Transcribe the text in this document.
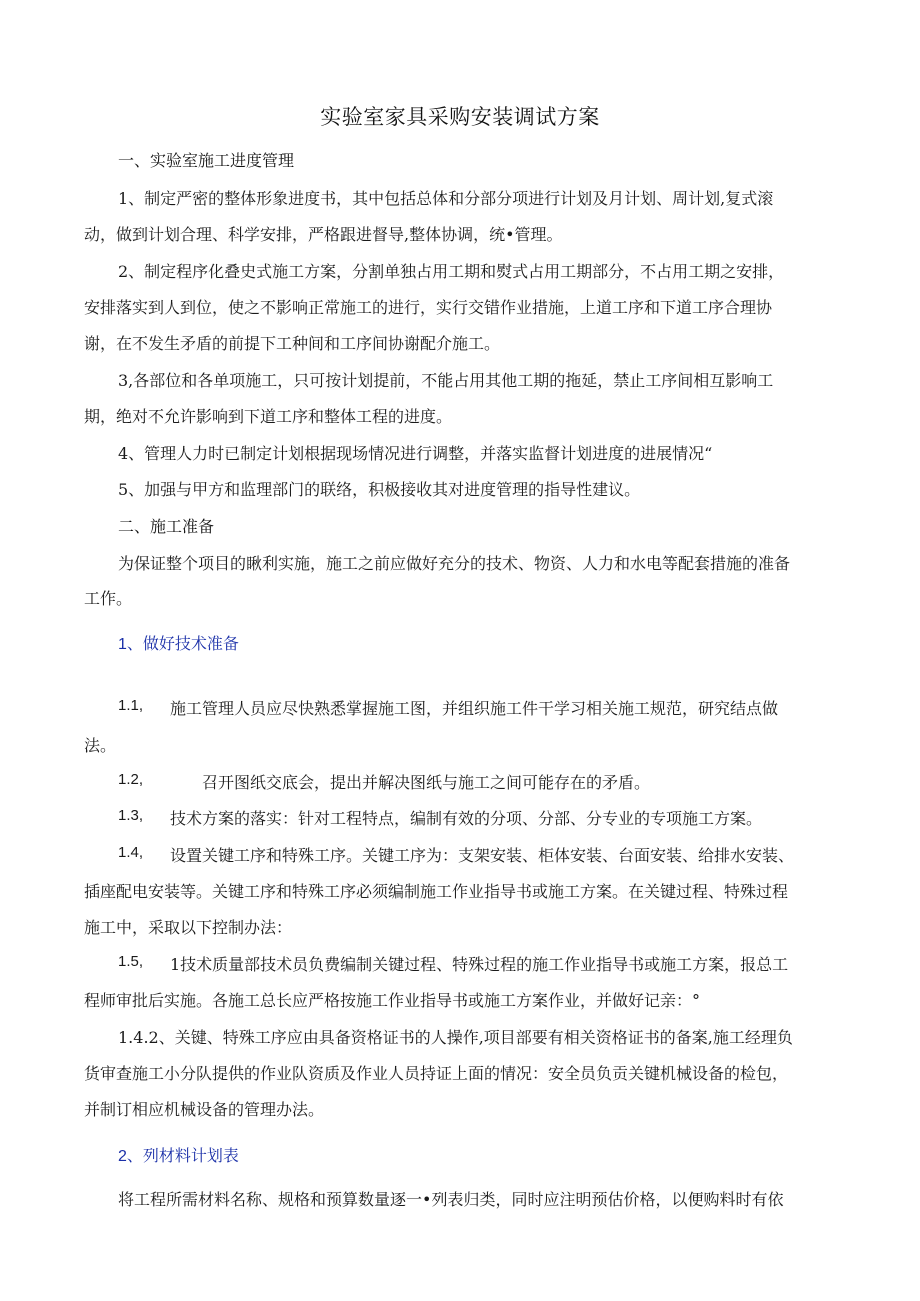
实验室家具采购安装调试方案
一、实验室施工进度管理
1、制定严密的整体形象进度书，其中包括总体和分部分项进行计划及月计划、周计划,复式滚
动，做到计划合理、科学安排，严格跟进督导,整体协调，统•管理。
2、制定程序化叠史式施工方案，分割单独占用工期和熨式占用工期部分，不占用工期之安排，
安排落实到人到位，使之不影响正常施工的进行，实行交错作业措施，上道工序和下道工序合理协
谢，在不发生矛盾的前提下工种间和工序间协谢配介施工。
3,各部位和各单项施工，只可按计划提前，不能占用其他工期的拖延，禁止工序间相互影响工
期，绝对不允许影响到下道工序和整体工程的进度。
4、管理人力时已制定计划根据现场情况进行调整，并落实监督计划进度的进展情况“
5、加强与甲方和监理部门的联络，积极接收其对进度管理的指导性建议。
二、施工准备
为保证整个项目的瞅利实施，施工之前应做好充分的技术、物资、人力和水电等配套措施的准备
工作。
1、做好技术准备
1.1, 施工管理人员应尽快熟悉掌握施工图，并组织施工件干学习相关施工规范，研究结点做
法。
1.2,	召开图纸交底会，提出并解决图纸与施工之间可能存在的矛盾。
1.3, 技术方案的落实：针对工程特点，编制有效的分项、分部、分专业的专项施工方案。
1.4, 设置关键工序和特殊工序。关键工序为：支架安装、柜体安装、台面安装、给排水安装、
插座配电安装等。关键工序和特殊工序必须编制施工作业指导书或施工方案。在关键过程、特殊过程
施工中，采取以下控制办法：
1.5, 1技术质量部技术员负费编制关键过程、特殊过程的施工作业指导书或施工方案，报总工
程师审批后实施。各施工总长应严格按施工作业指导书或施工方案作业，并做好记亲：°
1.4.2、关键、特殊工序应由具备资格证书的人操作,项目部要有相关资格证书的备案,施工经理负
货审查施工小分队提供的作业队资质及作业人员持证上面的情况：安全员负贡关键机械设备的检包，
并制订相应机械设备的管理办法。
2、列材料计划表
将工程所需材料名称、规格和预算数量逐一•列表归类，同时应注明预估价格，以便购料时有依
